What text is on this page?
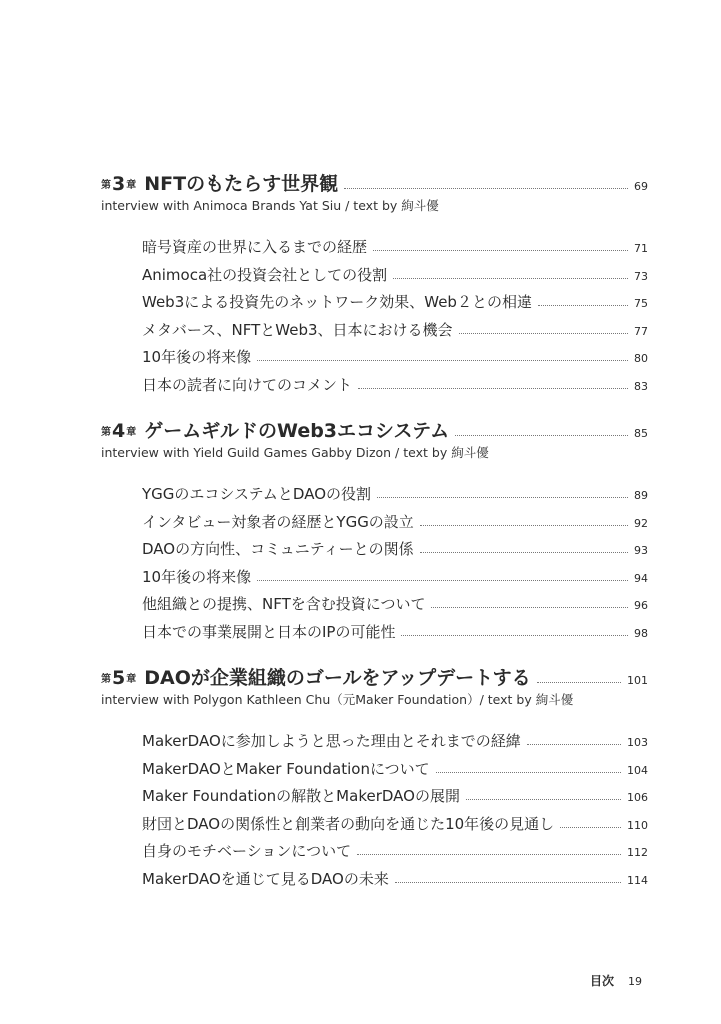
第 3 章 NFTのもたらす世界観	69
interview with Animoca Brands Yat Siu / text by 絢斗優
暗号資産の世界に入るまでの経歴	71
Animoca社の投資会社としての役割	73
Web3による投資先のネットワーク効果、Web２との相違	75
メタバース、NFTとWeb3、日本における機会	77
10年後の将来像	80
日本の読者に向けてのコメント	83
第 4 章 ゲームギルドのWeb3エコシステム	85
interview with Yield Guild Games Gabby Dizon / text by 絢斗優
YGGのエコシステムとDAOの役割	89
インタビュー対象者の経歴とYGGの設立	92
DAOの方向性、コミュニティーとの関係	93
10年後の将来像	94
他組織との提携、NFTを含む投資について	96
日本での事業展開と日本のIPの可能性	98
第 5 章 DAOが企業組織のゴールをアップデートする	101
interview with Polygon Kathleen Chu（元Maker Foundation）/ text by 絢斗優
MakerDAOに参加しようと思った理由とそれまでの経緯	103
MakerDAOとMaker Foundationについて	104
Maker Foundationの解散とMakerDAOの展開	106
財団とDAOの関係性と創業者の動向を通じた10年後の見通し	110
自身のモチベーションについて	112
MakerDAOを通じて見るDAOの未来	114
目次 19
